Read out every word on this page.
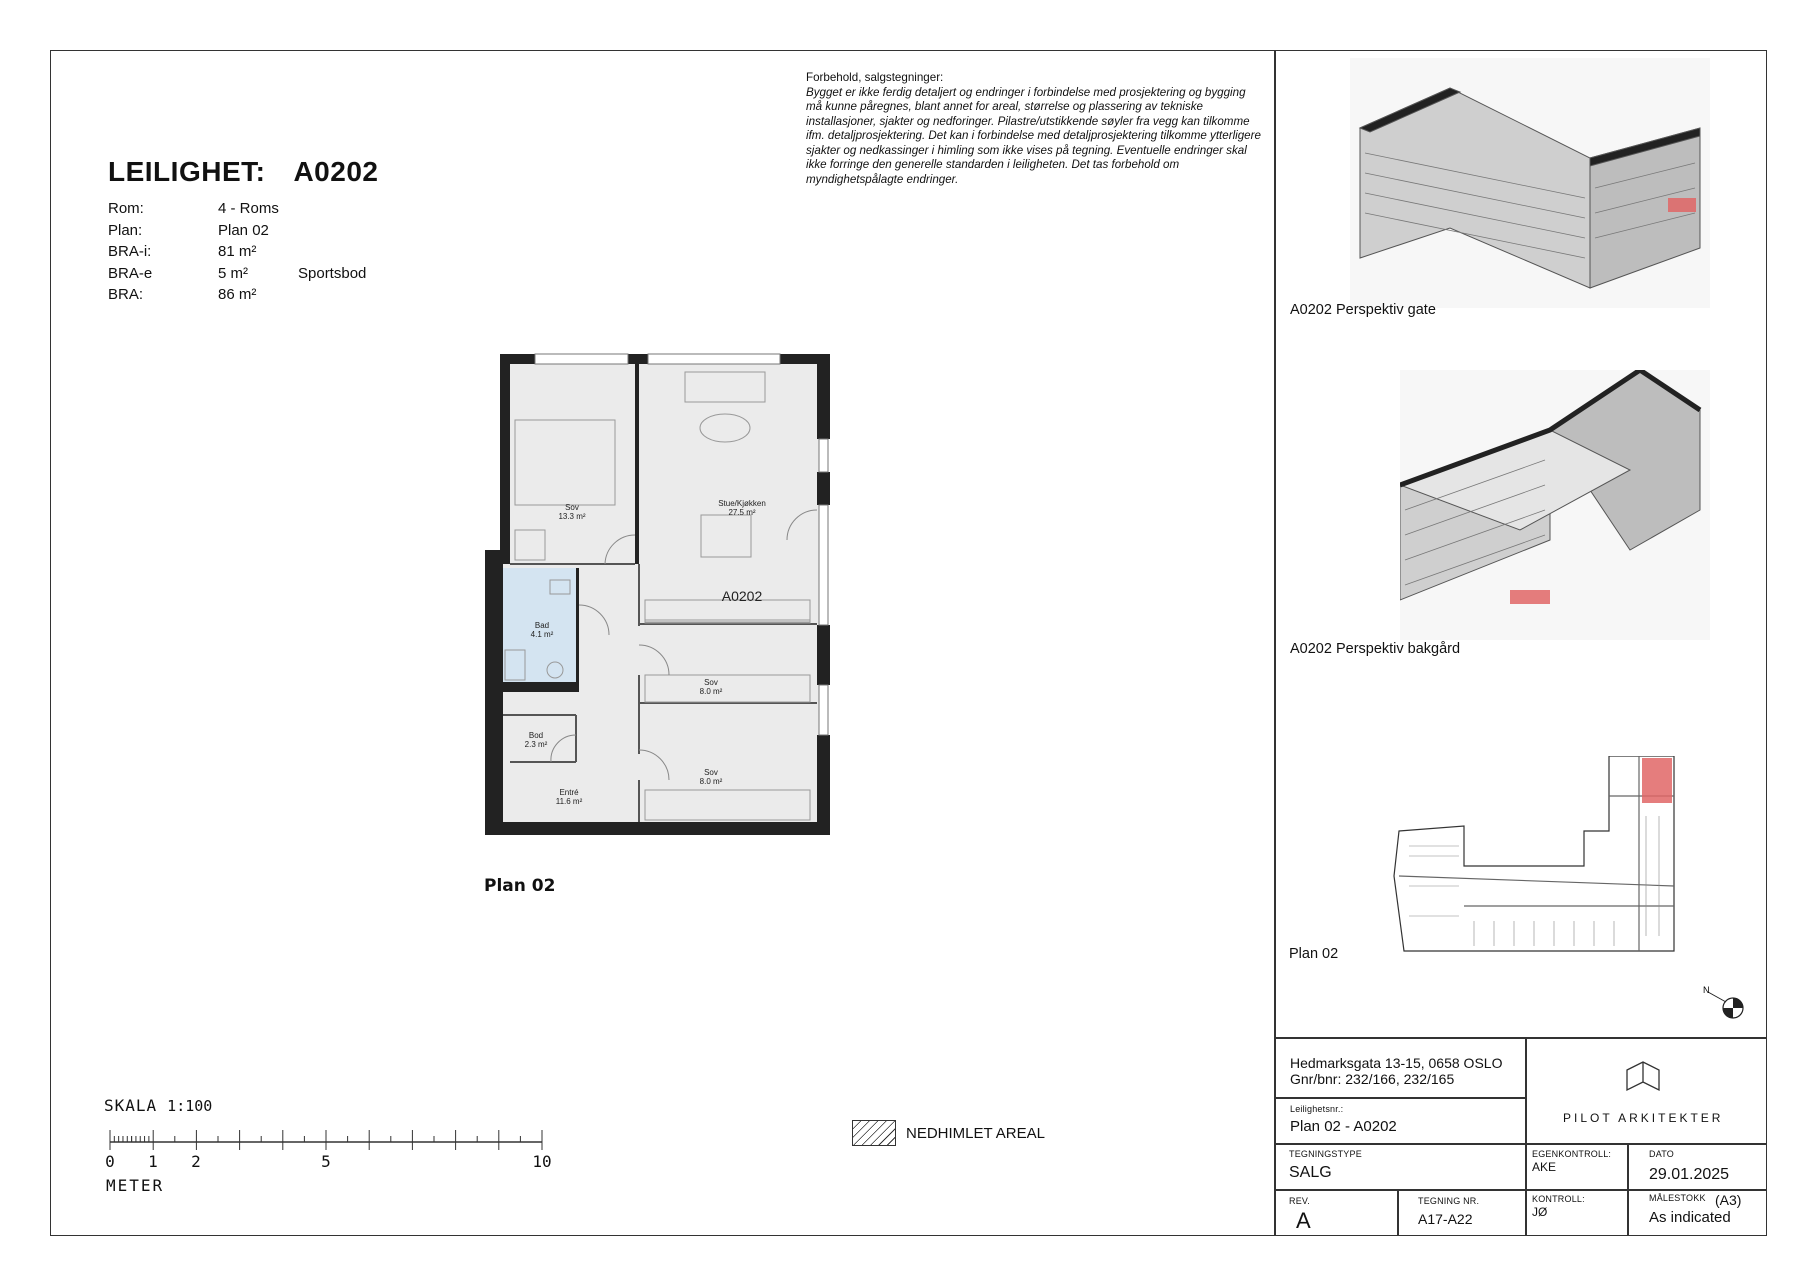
LEILIGHET: A0202
Rom:	4 - Roms
Plan:	Plan 02
BRA-i:	81 m²
BRA-e	5 m²	Sportsbod
BRA:	86 m²
Forbehold, salgstegninger:
Bygget er ikke ferdig detaljert og endringer i forbindelse med prosjektering og bygging må kunne påregnes, blant annet for areal, størrelse og plassering av tekniske installasjoner, sjakter og nedforinger. Pilastre/utstikkende søyler fra vegg kan tilkomme ifm. detaljprosjektering. Det kan i forbindelse med detaljprosjektering tilkomme ytterligere sjakter og nedkassinger i himling som ikke vises på tegning. Eventuelle endringer skal ikke forringe den generelle standarden i leiligheten. Det tas forbehold om myndighetspålagte endringer.
Sov
13.3 m²
Stue/Kjøkken
27.5 m²
Bad
4.1 m²
Sov
8.0 m²
Bod
2.3 m²
Entré
11.6 m²
Sov
8.0 m²
A0202
Plan 02
NEDHIMLET AREAL
SKALA 1:100
0 1 2	5	10
METER
A0202 Perspektiv gate
A0202 Perspektiv bakgård
Plan 02
N
Hedmarksgata 13-15, 0658 OSLO
Gnr/bnr: 232/166, 232/165
Leilighetsnr.:
Plan 02 - A0202	PILOT ARKITEKTER
TEGNINGSTYPE
SALG
EGENKONTROLL:
AKE
DATO
29.01.2025
REV.
A
TEGNING NR.
A17-A22
KONTROLL:
JØ
MÅLESTOKK (A3)
As indicated
